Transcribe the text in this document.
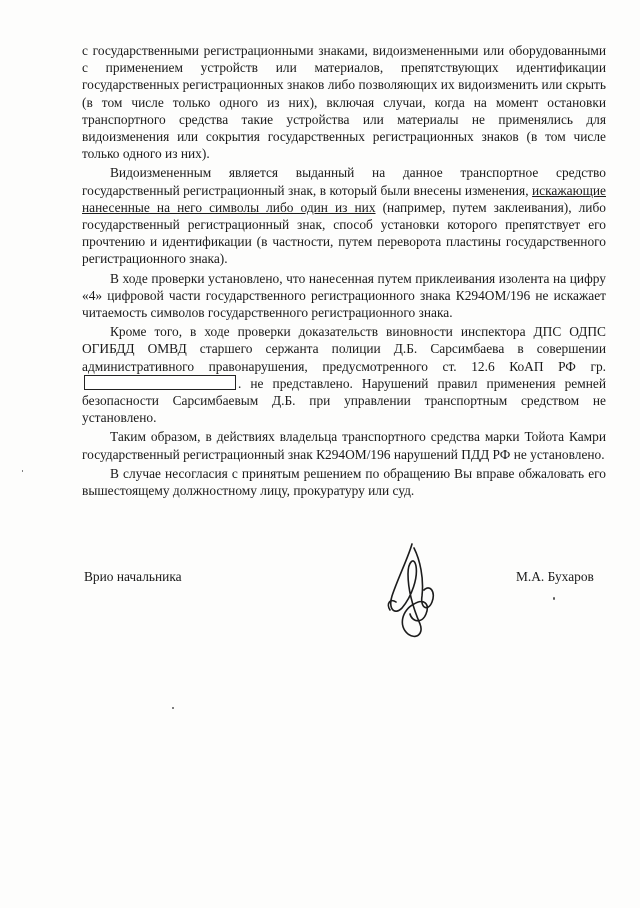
с государственными регистрационными знаками, видоизмененными или оборудованными с применением устройств или материалов, препятствующих идентификации государственных регистрационных знаков либо позволяющих их видоизменить или скрыть (в том числе только одного из них), включая случаи, когда на момент остановки транспортного средства такие устройства или материалы не применялись для видоизменения или сокрытия государственных регистрационных знаков (в том числе только одного из них).

Видоизмененным является выданный на данное транспортное средство государственный регистрационный знак, в который были внесены изменения, искажающие нанесенные на него символы либо один из них (например, путем заклеивания), либо государственный регистрационный знак, способ установки которого препятствует его прочтению и идентификации (в частности, путем переворота пластины государственного регистрационного знака).

В ходе проверки установлено, что нанесенная путем приклеивания изолента на цифру «4» цифровой части государственного регистрационного знака К294ОМ/196 не искажает читаемость символов государственного регистрационного знака.

Кроме того, в ходе проверки доказательств виновности инспектора ДПС ОДПС ОГИБДД ОМВД старшего сержанта полиции Д.Б. Сарсимбаева в совершении административного правонарушения, предусмотренного ст. 12.6 КоАП РФ гр.. не представлено. Нарушений правил применения ремней безопасности Сарсимбаевым Д.Б. при управлении транспортным средством не установлено.

Таким образом, в действиях владельца транспортного средства марки Тойота Камри государственный регистрационный знак К294ОМ/196 нарушений ПДД РФ не установлено.

В случае несогласия с принятым решением по обращению Вы вправе обжаловать его вышестоящему должностному лицу, прокуратуру или суд.

Врио начальника	М.А. Бухаров
